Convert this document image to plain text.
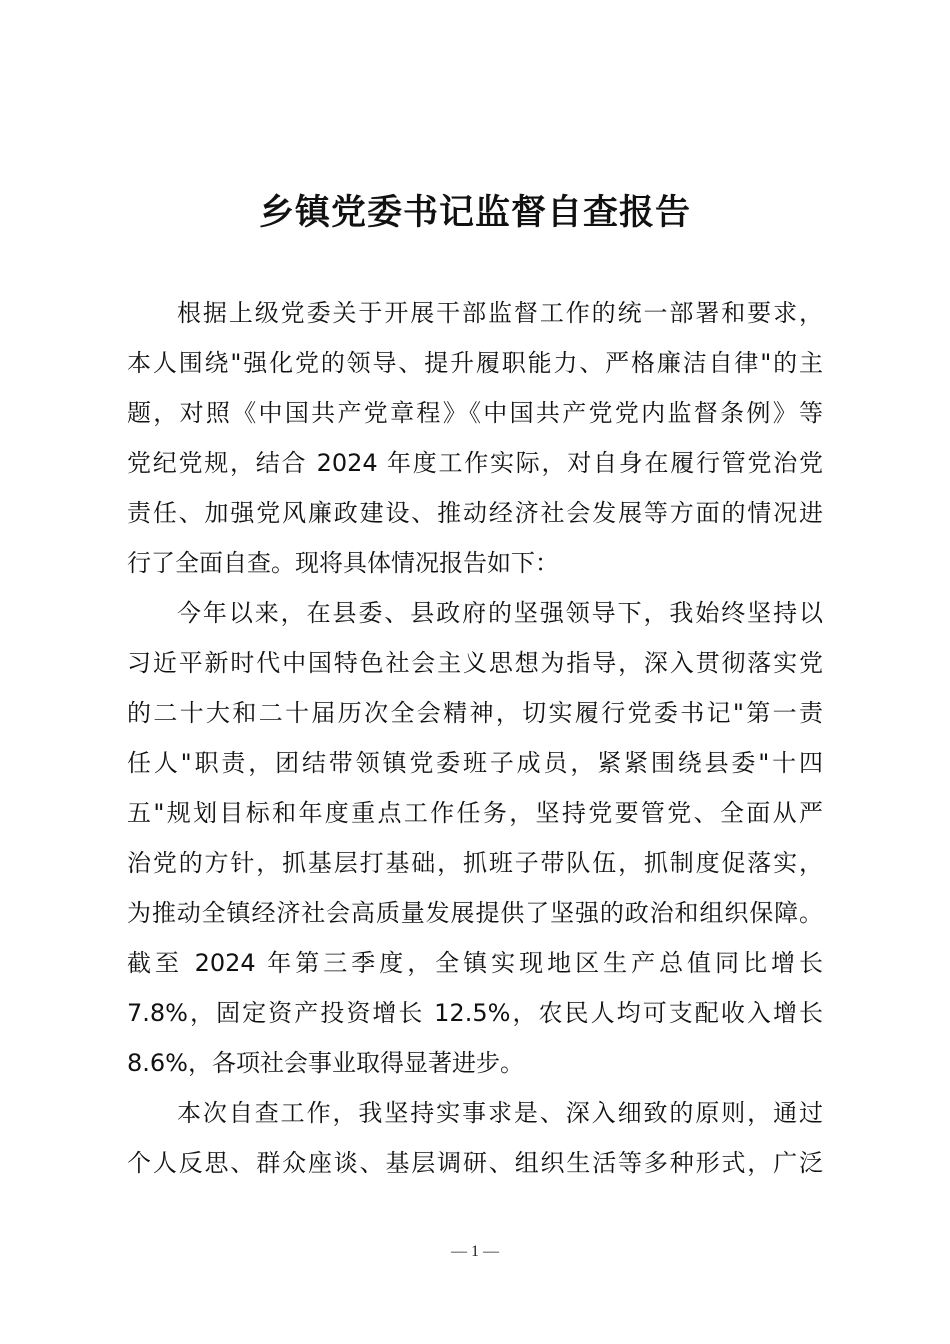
乡镇党委书记监督自查报告
根据上级党委关于开展干部监督工作的统一部署和要求，
本人围绕"强化党的领导、提升履职能力、严格廉洁自律"的主
题，对照《中国共产党章程》《中国共产党党内监督条例》等
党纪党规，结合 2024 年度工作实际，对自身在履行管党治党
责任、加强党风廉政建设、推动经济社会发展等方面的情况进
行了全面自查。现将具体情况报告如下：
今年以来，在县委、县政府的坚强领导下，我始终坚持以
习近平新时代中国特色社会主义思想为指导，深入贯彻落实党
的二十大和二十届历次全会精神，切实履行党委书记"第一责
任人"职责，团结带领镇党委班子成员，紧紧围绕县委"十四
五"规划目标和年度重点工作任务，坚持党要管党、全面从严
治党的方针，抓基层打基础，抓班子带队伍，抓制度促落实，
为推动全镇经济社会高质量发展提供了坚强的政治和组织保障。
截至 2024 年第三季度，全镇实现地区生产总值同比增长
7.8%，固定资产投资增长 12.5%，农民人均可支配收入增长
8.6%，各项社会事业取得显著进步。
本次自查工作，我坚持实事求是、深入细致的原则，通过
个人反思、群众座谈、基层调研、组织生活等多种形式，广泛
— 1 —
